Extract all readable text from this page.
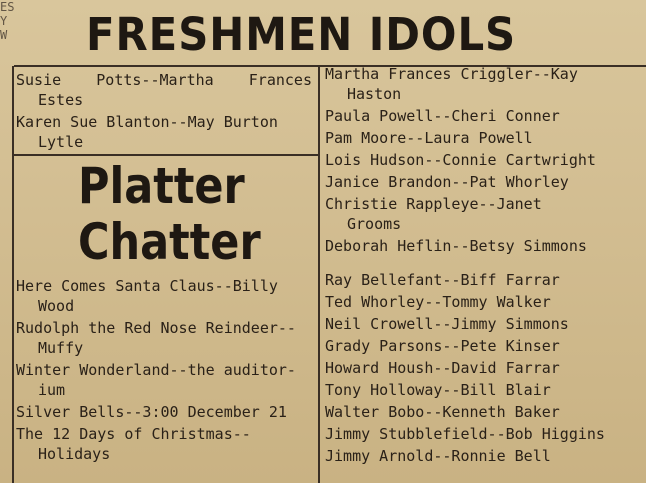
ES
Y
W FRESHMEN IDOLS
Susie Potts--Martha Frances
Estes
Karen Sue Blanton--May Burton
Lytle
Platter
Chatter
Here Comes Santa Claus--Billy
Wood
Rudolph the Red Nose Reindeer--
Muffy
Winter Wonderland--the auditor-
ium
Silver Bells--3:00 December 21
The 12 Days of Christmas--
Holidays
Martha Frances Criggler--Kay
Haston
Paula Powell--Cheri Conner
Pam Moore--Laura Powell
Lois Hudson--Connie Cartwright
Janice Brandon--Pat Whorley
Christie Rappleye--Janet
Grooms
Deborah Heflin--Betsy Simmons
Ray Bellefant--Biff Farrar
Ted Whorley--Tommy Walker
Neil Crowell--Jimmy Simmons
Grady Parsons--Pete Kinser
Howard Housh--David Farrar
Tony Holloway--Bill Blair
Walter Bobo--Kenneth Baker
Jimmy Stubblefield--Bob Higgins
Jimmy Arnold--Ronnie Bell
